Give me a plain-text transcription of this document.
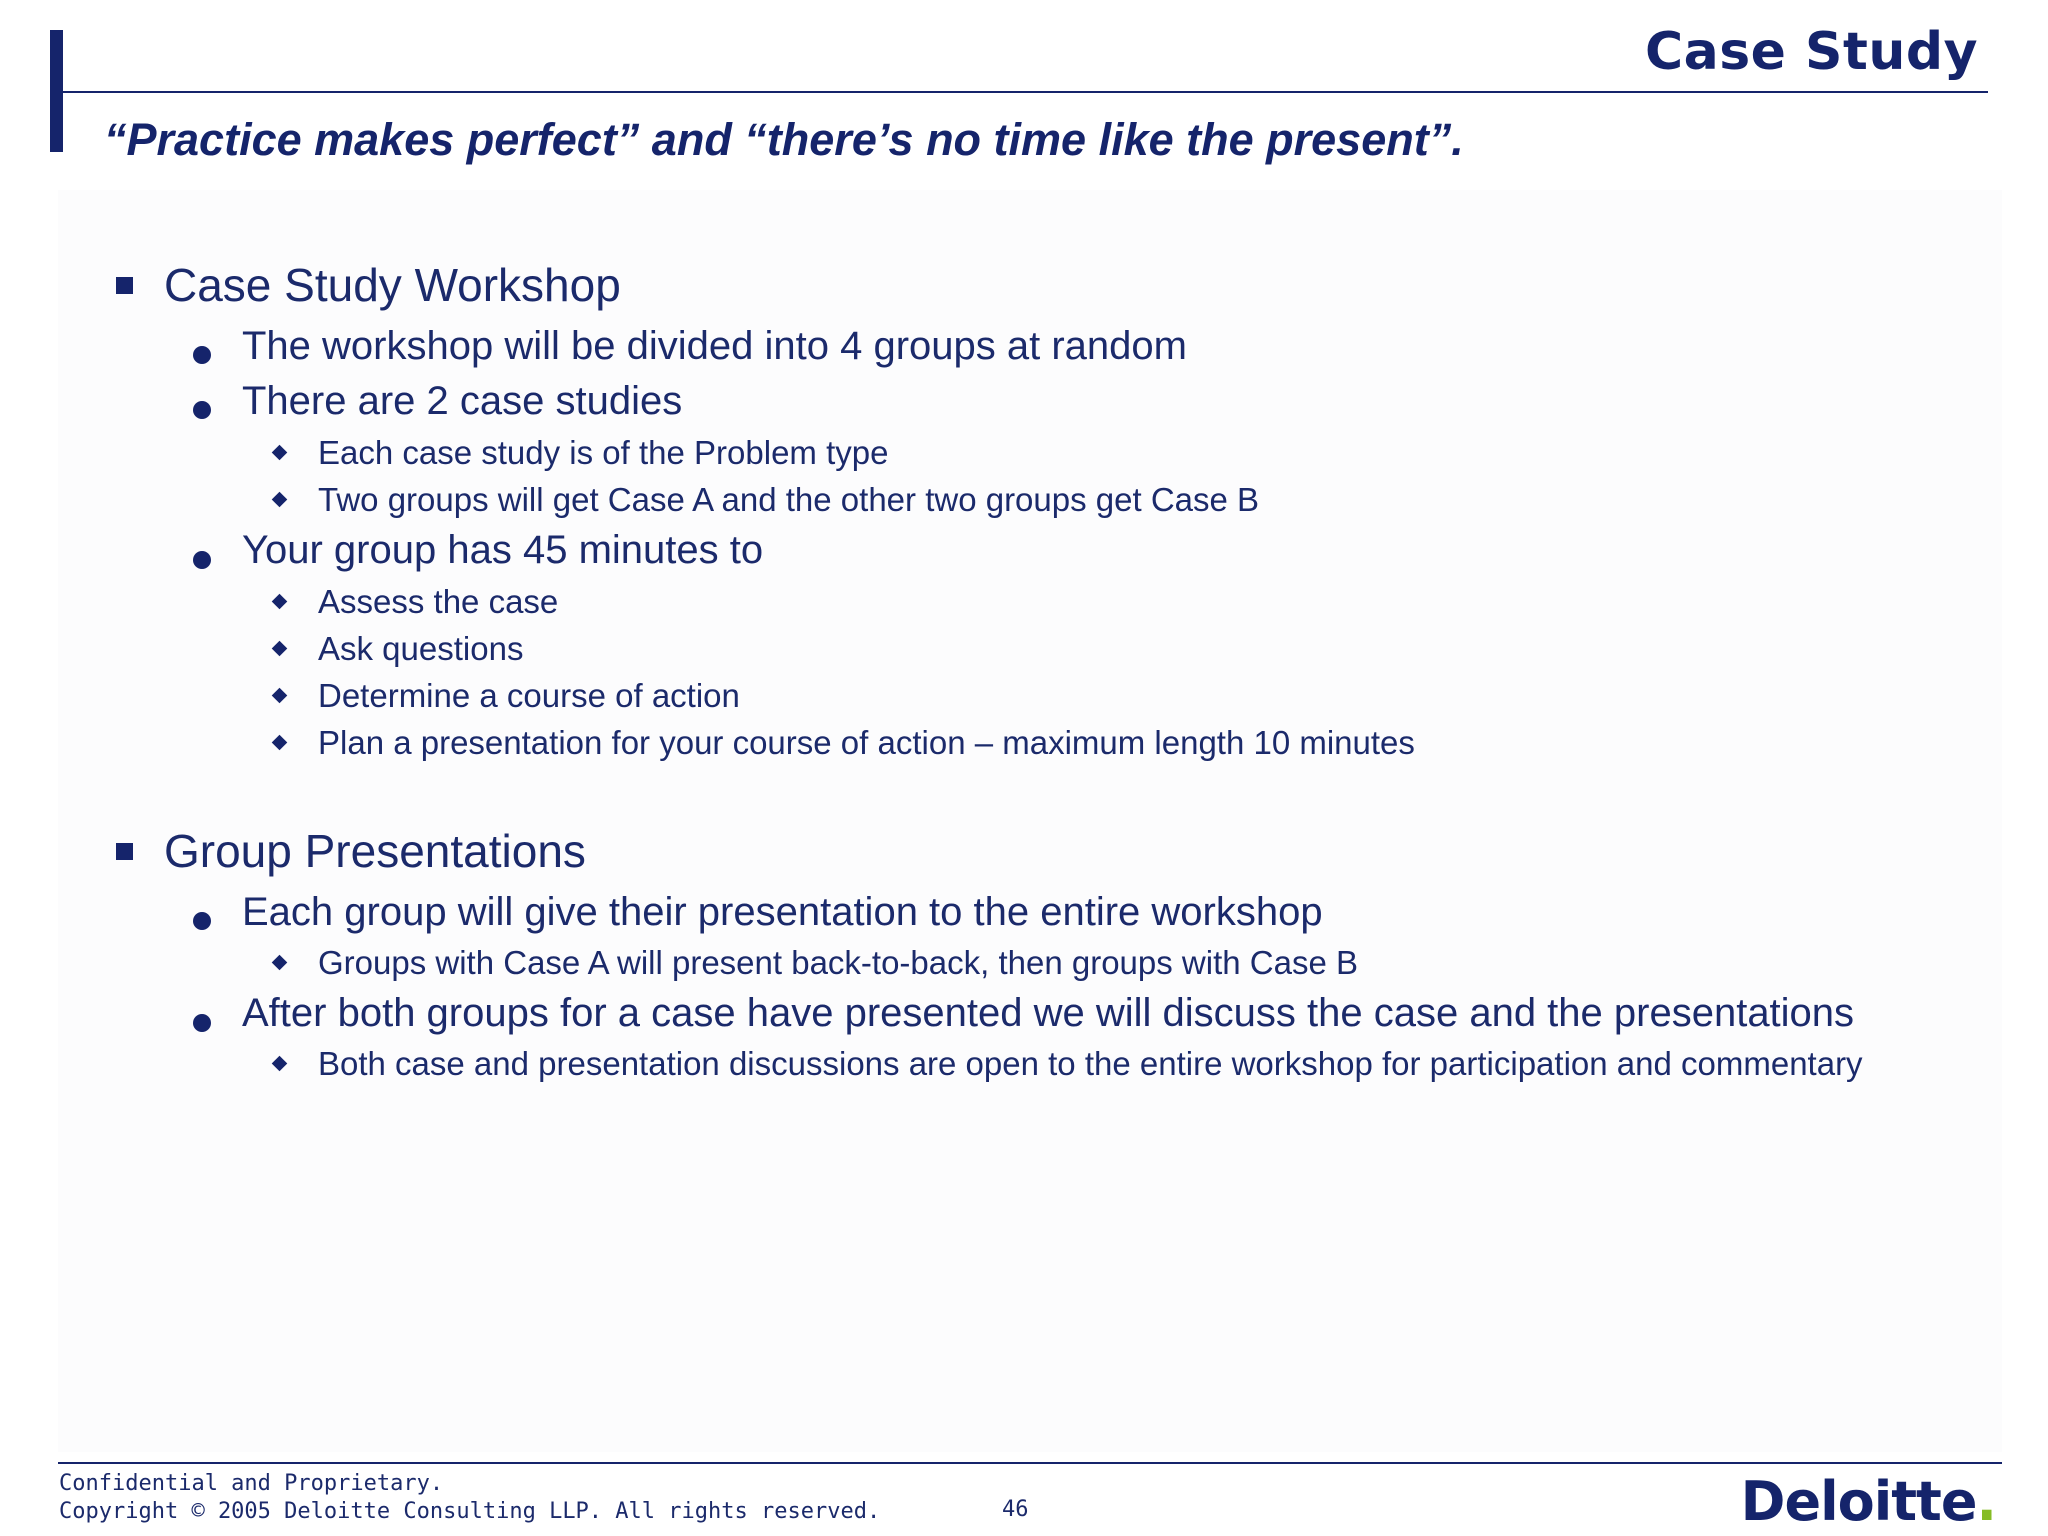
Case Study

“Practice makes perfect” and “there’s no time like the present”.

Case Study Workshop
The workshop will be divided into 4 groups at random
There are 2 case studies
Each case study is of the Problem type
Two groups will get Case A and the other two groups get Case B
Your group has 45 minutes to
Assess the case
Ask questions
Determine a course of action
Plan a presentation for your course of action – maximum length 10 minutes
Group Presentations
Each group will give their presentation to the entire workshop
Groups with Case A will present back-to-back, then groups with Case B
After both groups for a case have presented we will discuss the case and the presentations
Both case and presentation discussions are open to the entire workshop for participation and commentary
Confidential and Proprietary.
Copyright © 2005 Deloitte Consulting LLP. All rights reserved.	46	Deloitte.
